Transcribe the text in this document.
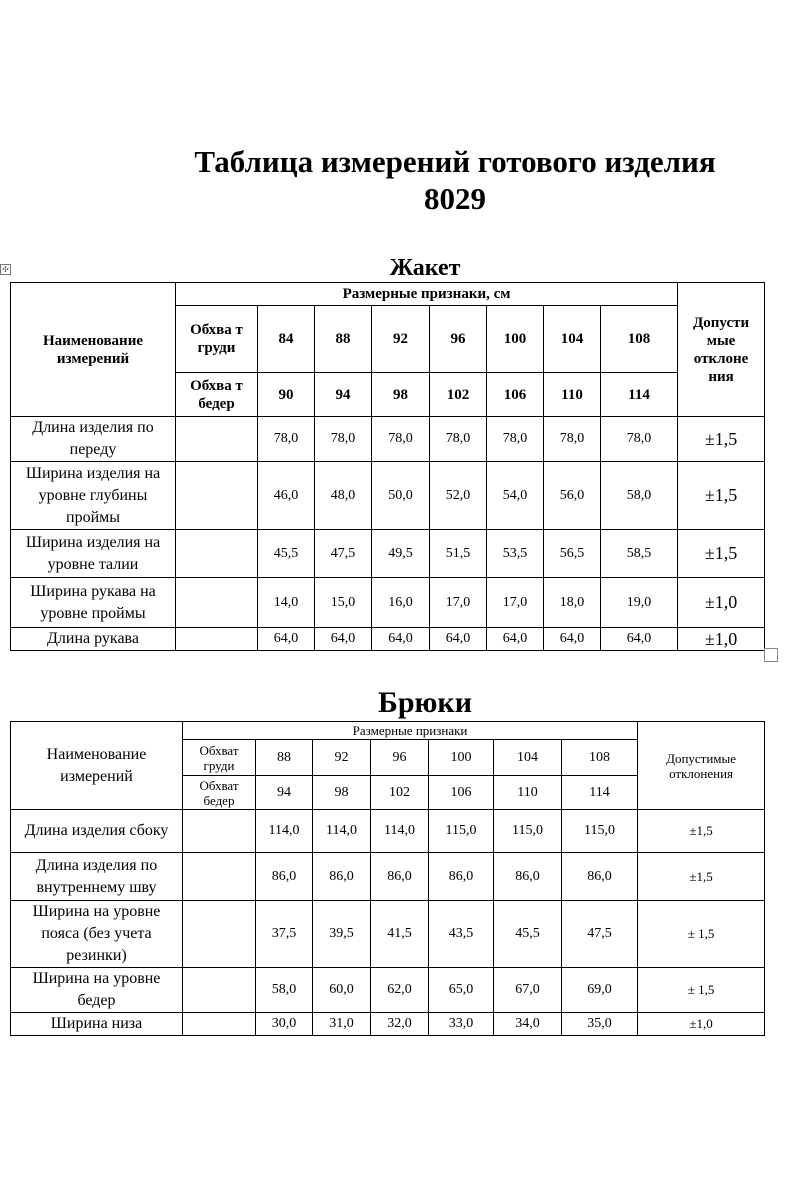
Таблица измерений готового изделия
8029
✣	Жакет
Наименование измерений	Размерные признаки, см								Допусти мые отклоне ния
	Обхва т груди	84	88	92	96	100	104	108	
	Обхва т бедер	90	94	98	102	106	110	114	
Длина изделия по переду		78,0	78,0	78,0	78,0	78,0	78,0	78,0	±1,5
Ширина изделия на уровне глубины проймы		46,0	48,0	50,0	52,0	54,0	56,0	58,0	±1,5
Ширина изделия на уровне талии		45,5	47,5	49,5	51,5	53,5	56,5	58,5	±1,5
Ширина рукава на уровне проймы		14,0	15,0	16,0	17,0	17,0	18,0	19,0	±1,0
Длина рукава		64,0	64,0	64,0	64,0	64,0	64,0	64,0	±1,0
Брюки
Наименование измерений	Размерные признаки							Допустимые отклонения
	Обхват груди	88	92	96	100	104	108	
	Обхват бедер	94	98	102	106	110	114	
Длина изделия сбоку		114,0	114,0	114,0	115,0	115,0	115,0	±1,5
Длина изделия по внутреннему шву		86,0	86,0	86,0	86,0	86,0	86,0	±1,5
Ширина на уровне пояса (без учета резинки)		37,5	39,5	41,5	43,5	45,5	47,5	± 1,5
Ширина на уровне бедер		58,0	60,0	62,0	65,0	67,0	69,0	± 1,5
Ширина низа		30,0	31,0	32,0	33,0	34,0	35,0	±1,0
